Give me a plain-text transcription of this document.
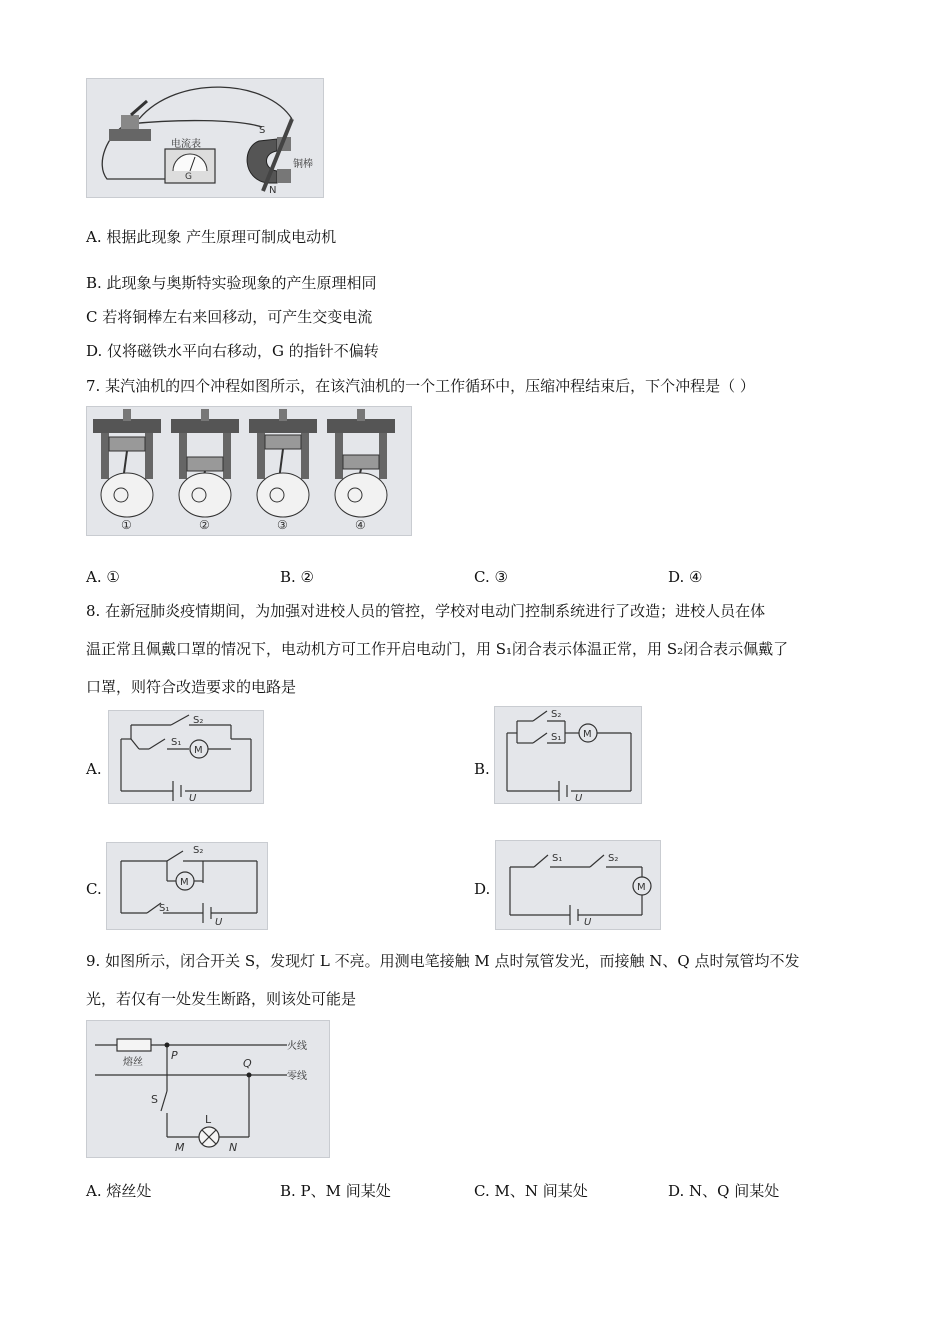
电流表
G
S
N
铜棒
A. 根据此现象 产生原理可制成电动机
B. 此现象与奥斯特实验现象的产生原理相同
C 若将铜棒左右来回移动，可产生交变电流
D. 仅将磁铁水平向右移动，G 的指针不偏转
7. 某汽油机的四个冲程如图所示，在该汽油机的一个工作循环中，压缩冲程结束后，下个冲程是（ ）
①	②	③	④
A. ①	B. ②	C. ③	D. ④
8. 在新冠肺炎疫情期间，为加强对进校人员的管控，学校对电动门控制系统进行了改造；进校人员在体
温正常且佩戴口罩的情况下，电动机方可工作开启电动门，用 S₁闭合表示体温正常，用 S₂闭合表示佩戴了
口罩，则符合改造要求的电路是
A.
S₂
S₁
M
U
B.
S₂
S₁ M
U
C.
S₂
M
S₁
U
D.
S₁	S₂
M
U
9. 如图所示，闭合开关 S，发现灯 L 不亮。用测电笔接触 M 点时氖管发光，而接触 N、Q 点时氖管均不发
光，若仅有一处发生断路，则该处可能是
熔丝
火线
零线
P
Q
S
L
M	N
A. 熔丝处	B. P、M 间某处	C. M、N 间某处	D. N、Q 间某处
